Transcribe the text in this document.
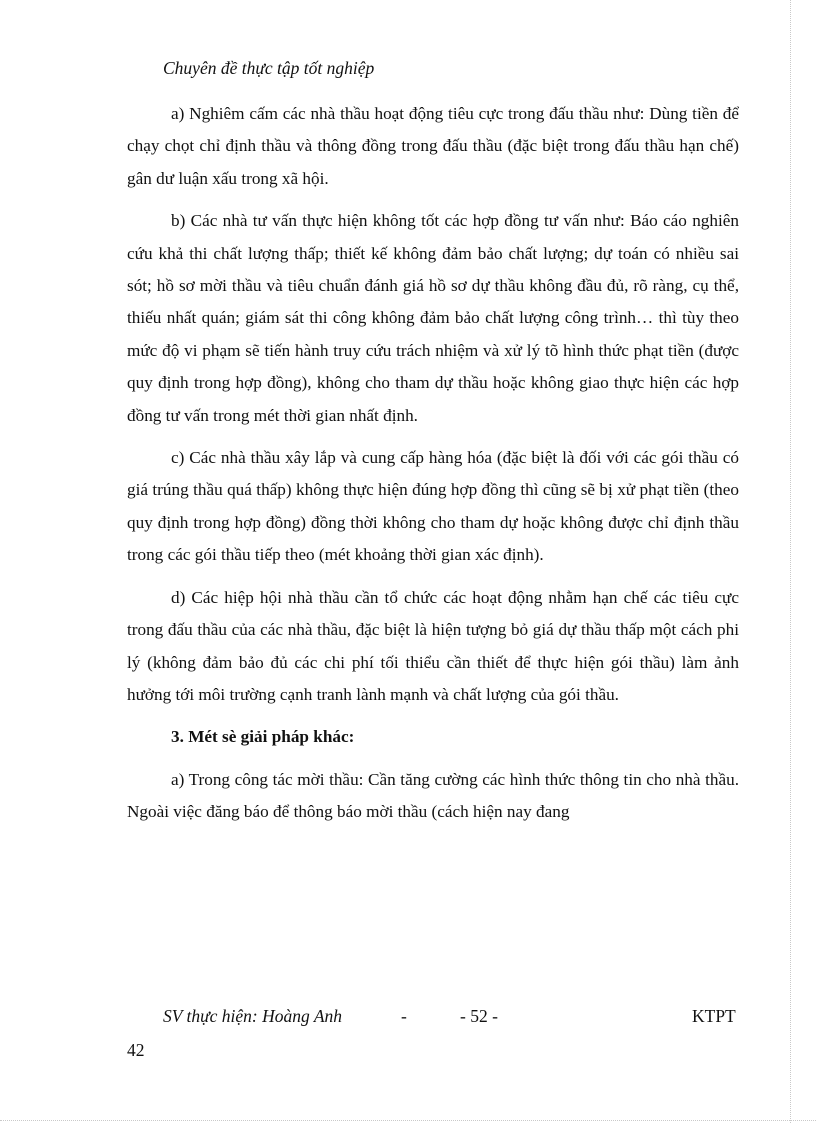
Chuyên đề thực tập tốt nghiệp

a) Nghiêm cấm các nhà thầu hoạt động tiêu cực trong đấu thầu như: Dùng tiền để chạy chọt chỉ định thầu và thông đồng trong đấu thầu (đặc biệt trong đấu thầu hạn chế) gân dư luận xấu trong xã hội.

b) Các nhà tư vấn thực hiện không tốt các hợp đồng tư vấn như: Báo cáo nghiên cứu khả thi chất lượng thấp; thiết kế không đảm bảo chất lượng; dự toán có nhiều sai sót; hồ sơ mời thầu và tiêu chuẩn đánh giá hồ sơ dự thầu không đầu đủ, rõ ràng, cụ thể, thiếu nhất quán; giám sát thi công không đảm bảo chất lượng công trình… thì tùy theo mức độ vi phạm sẽ tiến hành truy cứu trách nhiệm và xử lý tõ hình thức phạt tiền (được quy định trong hợp đồng), không cho tham dự thầu hoặc không giao thực hiện các hợp đồng tư vấn trong mét thời gian nhất định.

c) Các nhà thầu xây lắp và cung cấp hàng hóa (đặc biệt là đối với các gói thầu có giá trúng thầu quá thấp) không thực hiện đúng hợp đồng thì cũng sẽ bị xử phạt tiền (theo quy định trong hợp đồng) đồng thời không cho tham dự hoặc không được chỉ định thầu trong các gói thầu tiếp theo (mét khoảng thời gian xác định).

d) Các hiệp hội nhà thầu cần tổ chức các hoạt động nhằm hạn chế các tiêu cực trong đấu thầu của các nhà thầu, đặc biệt là hiện tượng bỏ giá dự thầu thấp một cách phi lý (không đảm bảo đủ các chi phí tối thiểu cần thiết để thực hiện gói thầu) làm ảnh hưởng tới môi trường cạnh tranh lành mạnh và chất lượng của gói thầu.

3. Mét sè giải pháp khác:

a) Trong công tác mời thầu: Cần tăng cường các hình thức thông tin cho nhà thầu. Ngoài việc đăng báo để thông báo mời thầu (cách hiện nay đang

SV thực hiện: Hoàng Anh	-	- 52 -	KTPT
42
